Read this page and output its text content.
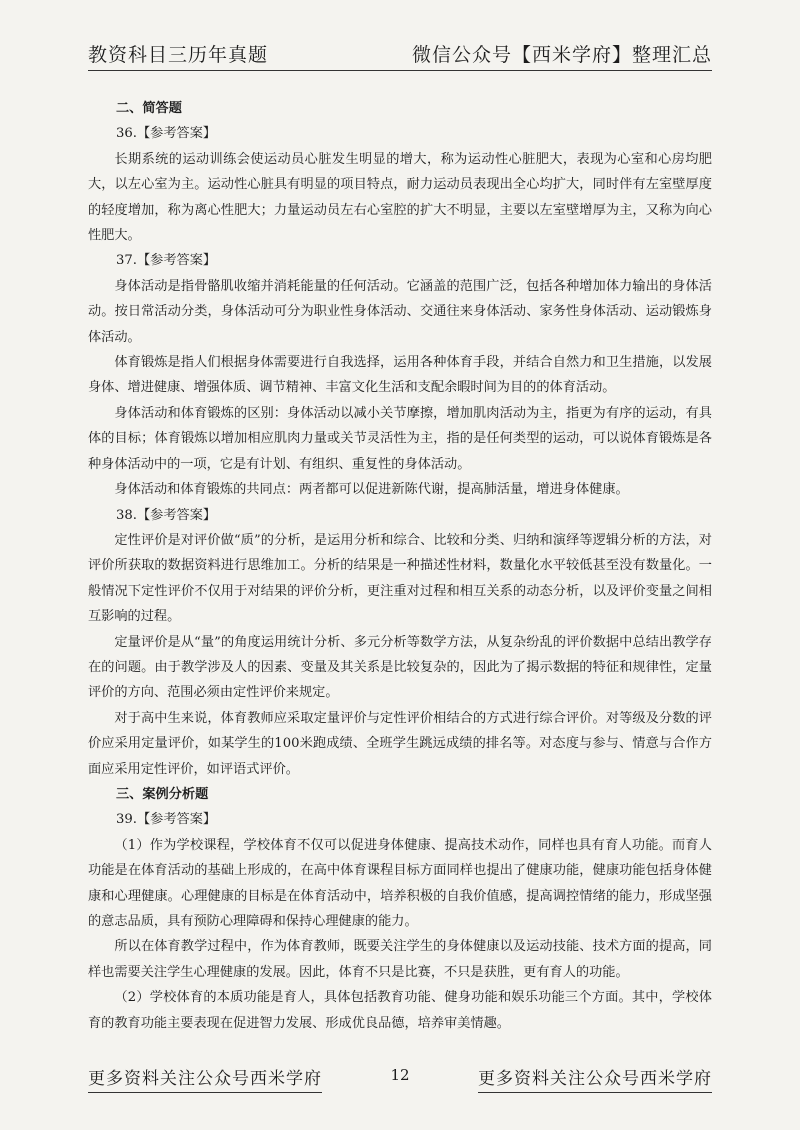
教资科目三历年真题	微信公众号【西米学府】整理汇总

二、简答题

36.【参考答案】

长期系统的运动训练会使运动员心脏发生明显的增大，称为运动性心脏肥大，表现为心室和心房均肥大，以左心室为主。运动性心脏具有明显的项目特点，耐力运动员表现出全心均扩大，同时伴有左室壁厚度的轻度增加，称为离心性肥大；力量运动员左右心室腔的扩大不明显，主要以左室壁增厚为主，又称为向心性肥大。

37.【参考答案】

身体活动是指骨骼肌收缩并消耗能量的任何活动。它涵盖的范围广泛，包括各种增加体力输出的身体活动。按日常活动分类，身体活动可分为职业性身体活动、交通往来身体活动、家务性身体活动、运动锻炼身体活动。

体育锻炼是指人们根据身体需要进行自我选择，运用各种体育手段，并结合自然力和卫生措施，以发展身体、增进健康、增强体质、调节精神、丰富文化生活和支配余暇时间为目的的体育活动。

身体活动和体育锻炼的区别：身体活动以减小关节摩擦，增加肌肉活动为主，指更为有序的运动，有具体的目标；体育锻炼以增加相应肌肉力量或关节灵活性为主，指的是任何类型的运动，可以说体育锻炼是各种身体活动中的一项，它是有计划、有组织、重复性的身体活动。

身体活动和体育锻炼的共同点：两者都可以促进新陈代谢，提高肺活量，增进身体健康。

38.【参考答案】

定性评价是对评价做“质”的分析，是运用分析和综合、比较和分类、归纳和演绎等逻辑分析的方法，对评价所获取的数据资料进行思维加工。分析的结果是一种描述性材料，数量化水平较低甚至没有数量化。一般情况下定性评价不仅用于对结果的评价分析，更注重对过程和相互关系的动态分析，以及评价变量之间相互影响的过程。

定量评价是从“量”的角度运用统计分析、多元分析等数学方法，从复杂纷乱的评价数据中总结出教学存在的问题。由于教学涉及人的因素、变量及其关系是比较复杂的，因此为了揭示数据的特征和规律性，定量评价的方向、范围必须由定性评价来规定。

对于高中生来说，体育教师应采取定量评价与定性评价相结合的方式进行综合评价。对等级及分数的评价应采用定量评价，如某学生的100米跑成绩、全班学生跳远成绩的排名等。对态度与参与、情意与合作方面应采用定性评价，如评语式评价。

三、案例分析题

39.【参考答案】

（1）作为学校课程，学校体育不仅可以促进身体健康、提高技术动作，同样也具有育人功能。而育人功能是在体育活动的基础上形成的，在高中体育课程目标方面同样也提出了健康功能，健康功能包括身体健康和心理健康。心理健康的目标是在体育活动中，培养积极的自我价值感，提高调控情绪的能力，形成坚强的意志品质，具有预防心理障碍和保持心理健康的能力。

所以在体育教学过程中，作为体育教师，既要关注学生的身体健康以及运动技能、技术方面的提高，同样也需要关注学生心理健康的发展。因此，体育不只是比赛，不只是获胜，更有育人的功能。

（2）学校体育的本质功能是育人，具体包括教育功能、健身功能和娱乐功能三个方面。其中，学校体育的教育功能主要表现在促进智力发展、形成优良品德，培养审美情趣。

更多资料关注公众号西米学府	12	更多资料关注公众号西米学府
